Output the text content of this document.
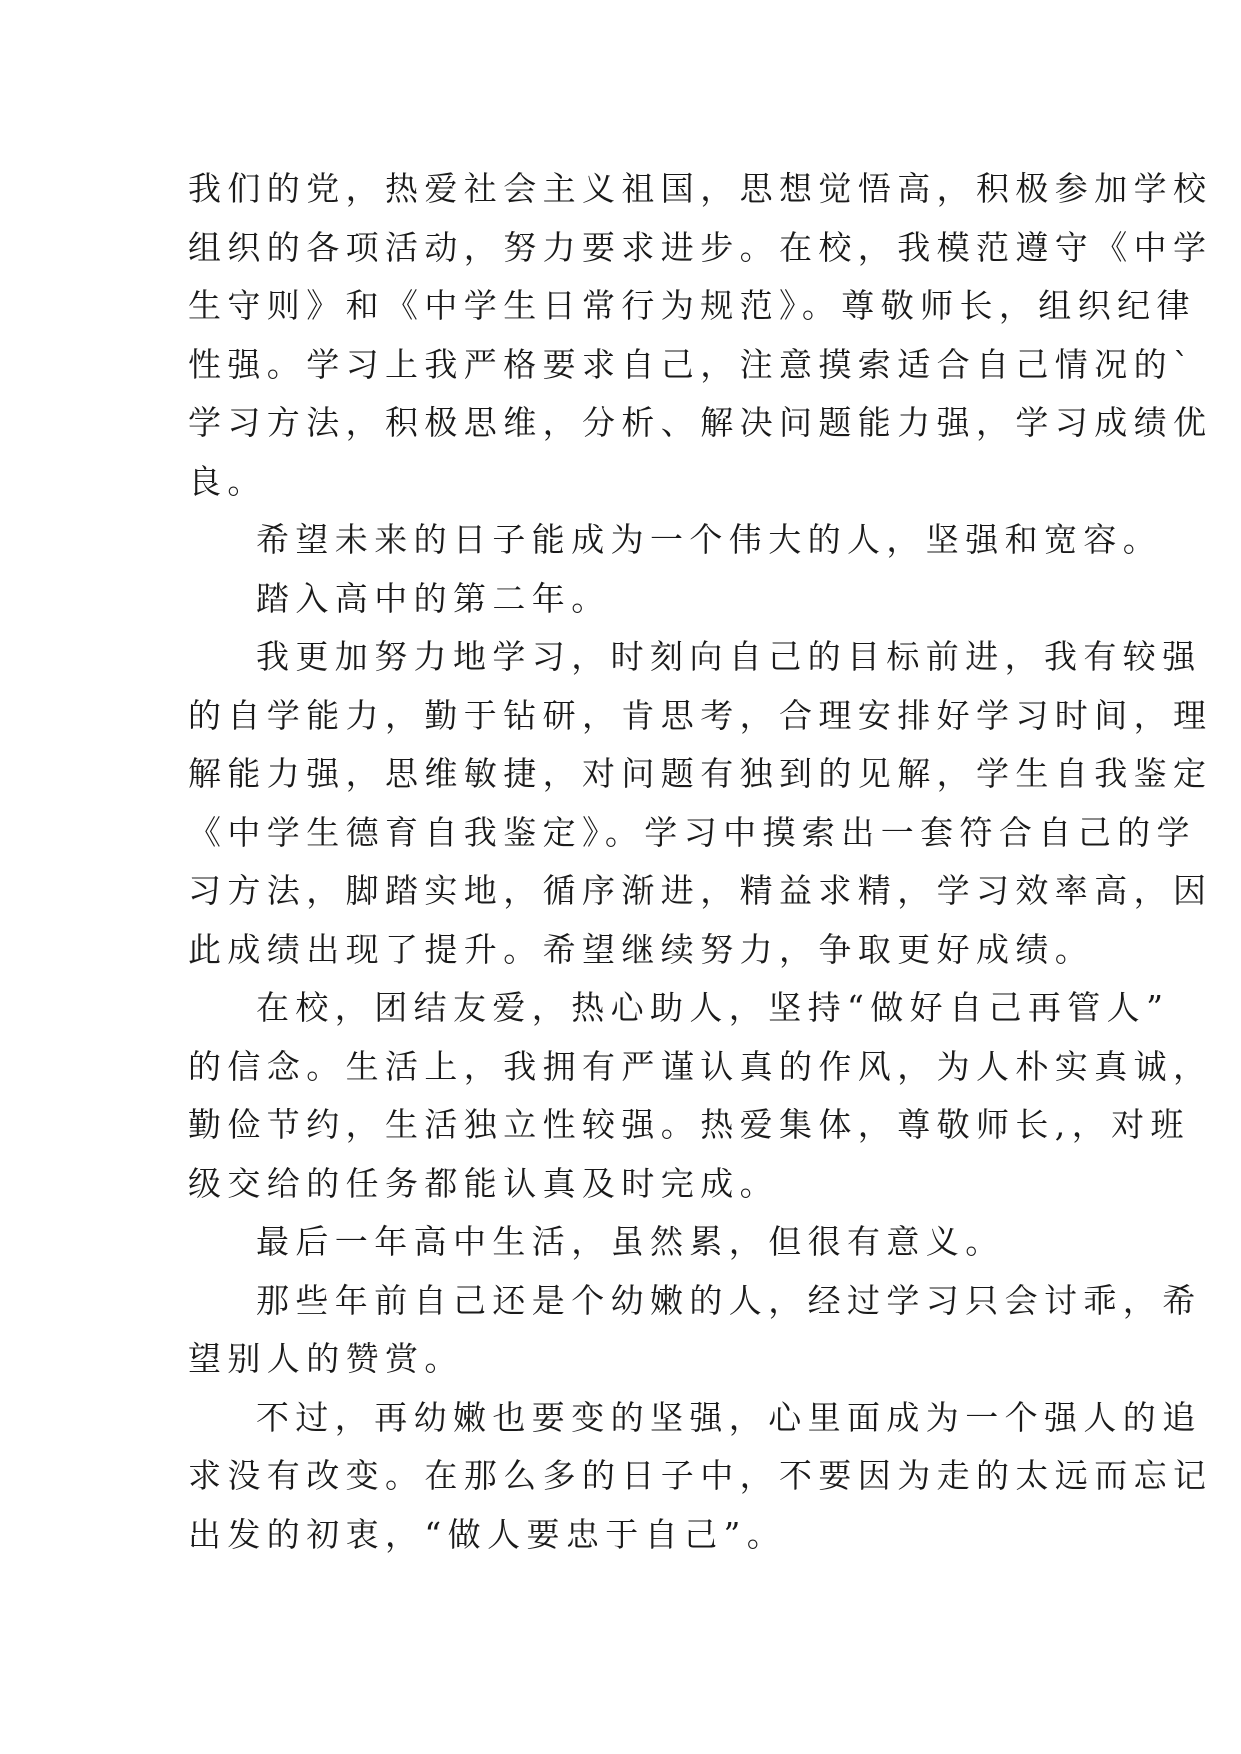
我们的党，热爱社会主义祖国，思想觉悟高，积极参加学校
组织的各项活动，努力要求进步。在校，我模范遵守《中学
生守则》和《中学生日常行为规范》。尊敬师长，组织纪律
性强。学习上我严格要求自己，注意摸索适合自己情况的`
学习方法，积极思维，分析、解决问题能力强，学习成绩优
良。
希望未来的日子能成为一个伟大的人，坚强和宽容。
踏入高中的第二年。
我更加努力地学习，时刻向自己的目标前进，我有较强
的自学能力，勤于钻研，肯思考，合理安排好学习时间，理
解能力强，思维敏捷，对问题有独到的见解，学生自我鉴定
《中学生德育自我鉴定》。学习中摸索出一套符合自己的学
习方法，脚踏实地，循序渐进，精益求精，学习效率高，因
此成绩出现了提升。希望继续努力，争取更好成绩。
在校，团结友爱，热心助人，坚持“做好自己再管人”
的信念。生活上，我拥有严谨认真的作风，为人朴实真诚，
勤俭节约，生活独立性较强。热爱集体，尊敬师长,，对班
级交给的任务都能认真及时完成。
最后一年高中生活，虽然累，但很有意义。
那些年前自己还是个幼嫩的人，经过学习只会讨乖，希
望别人的赞赏。
不过，再幼嫩也要变的坚强，心里面成为一个强人的追
求没有改变。在那么多的日子中，不要因为走的太远而忘记
出发的初衷，“做人要忠于自己”。
